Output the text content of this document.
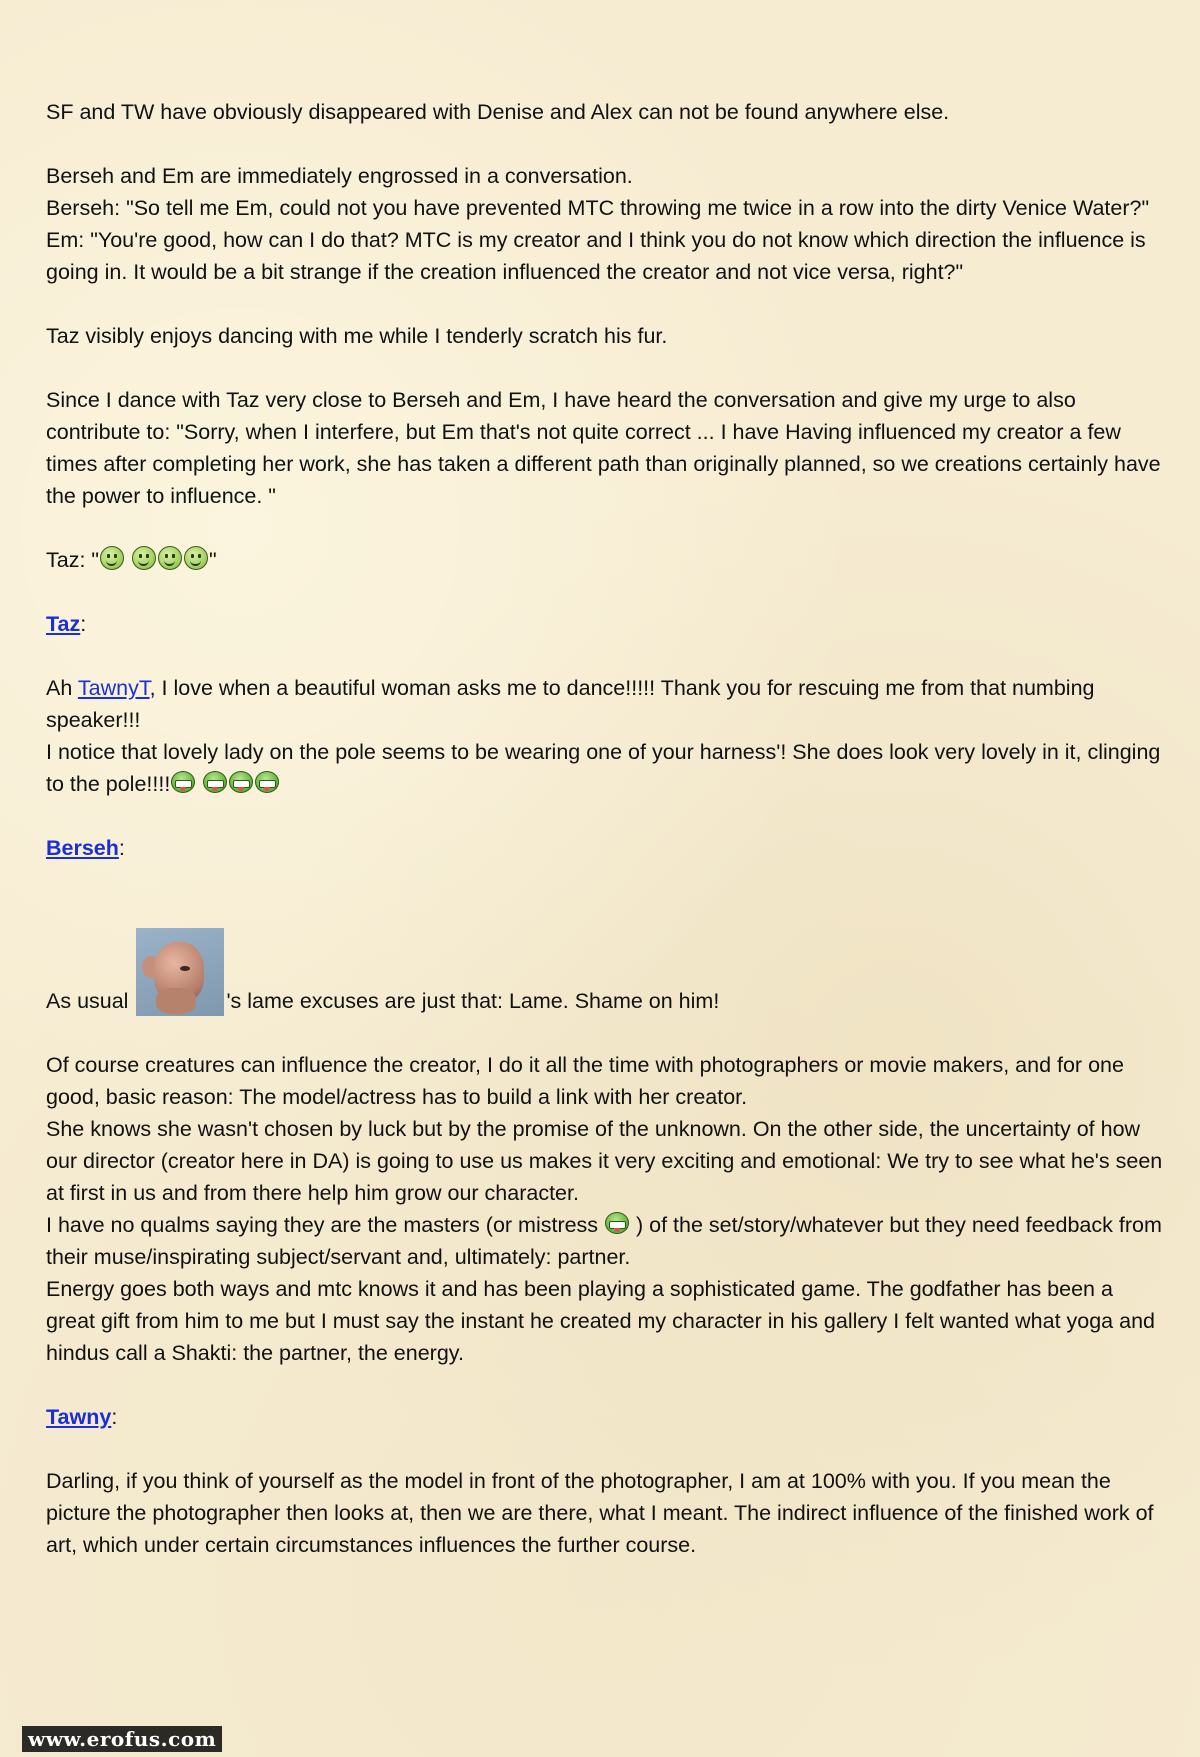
SF and TW have obviously disappeared with Denise and Alex can not be found anywhere else.

Berseh and Em are immediately engrossed in a conversation.

Berseh: "So tell me Em, could not you have prevented MTC throwing me twice in a row into the dirty Venice Water?"

Em: "You're good, how can I do that? MTC is my creator and I think you do not know which direction the influence is going in. It would be a bit strange if the creation influenced the creator and not vice versa, right?"

Taz visibly enjoys dancing with me while I tenderly scratch his fur.

Since I dance with Taz very close to Berseh and Em, I have heard the conversation and give my urge to also contribute to: "Sorry, when I interfere, but Em that's not quite correct ... I have Having influenced my creator a few times after completing her work, she has taken a different path than originally planned, so we creations certainly have the power to influence. "

Taz: "
	"

Taz:

Ah TawnyT, I love when a beautiful woman asks me to dance!!!!! Thank you for rescuing me from that numbing speaker!!!

I notice that lovely lady on the pole seems to be wearing one of your harness'! She does look very lovely in it, clinging to the pole!!!!

Berseh:

As usual	's lame excuses are just that: Lame. Shame on him!

Of course creatures can influence the creator, I do it all the time with photographers or movie makers, and for one good, basic reason: The model/actress has to build a link with her creator.

She knows she wasn't chosen by luck but by the promise of the unknown. On the other side, the uncertainty of how our director (creator here in DA) is going to use us makes it very exciting and emotional: We try to see what he's seen at first in us and from there help him grow our character.

I have no qualms saying they are the masters (or mistress
) of the set/story/whatever but they need feedback from their muse/inspirating subject/servant and, ultimately: partner.

Energy goes both ways and mtc knows it and has been playing a sophisticated game. The godfather has been a great gift from him to me but I must say the instant he created my character in his gallery I felt wanted what yoga and hindus call a Shakti: the partner, the energy.

Tawny:

Darling, if you think of yourself as the model in front of the photographer, I am at 100% with you. If you mean the picture the photographer then looks at, then we are there, what I meant. The indirect influence of the finished work of art, which under certain circumstances influences the further course.

www.erofus.com
